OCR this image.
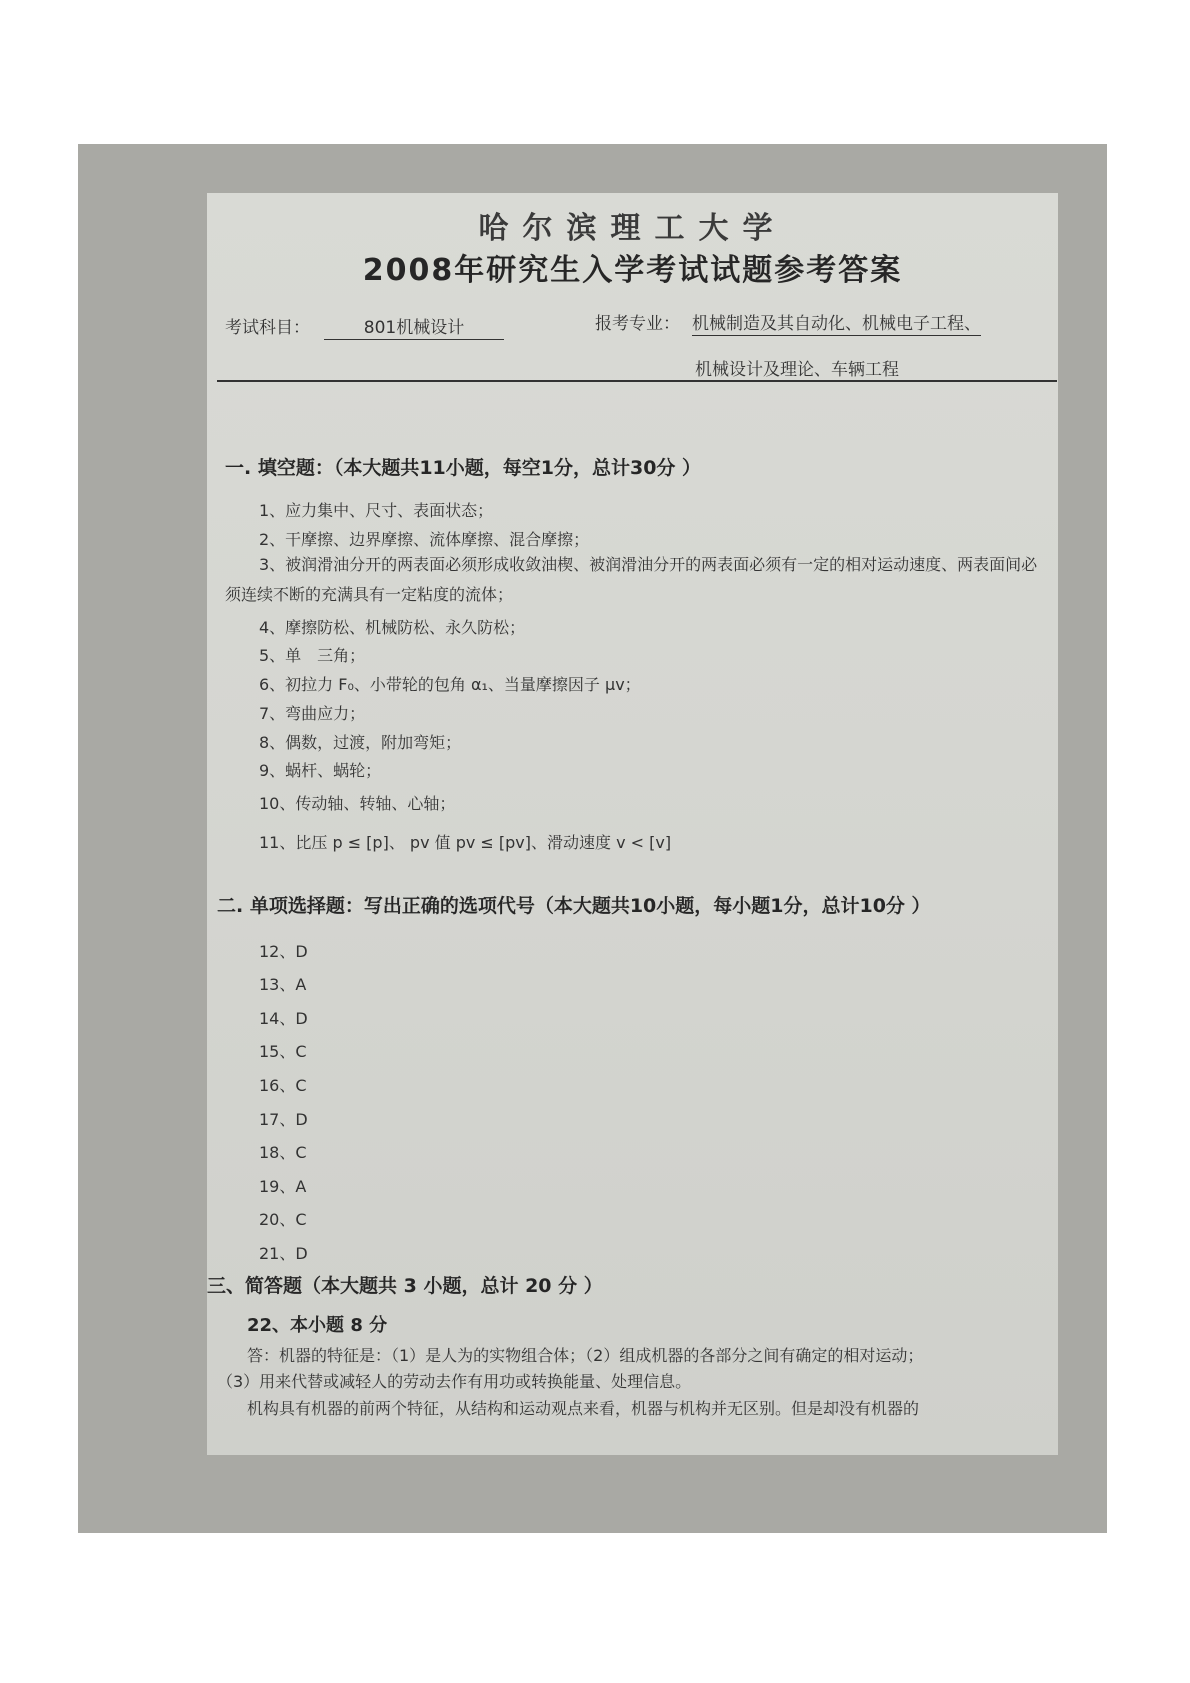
哈尔滨理工大学
2008年研究生入学考试试题参考答案
考试科目：	801机械设计	报考专业： 机械制造及其自动化、机械电子工程、
机械设计及理论、车辆工程
一. 填空题：（本大题共11小题，每空1分，总计30分 ）
1、应力集中、尺寸、表面状态；
2、干摩擦、边界摩擦、流体摩擦、混合摩擦；
3、被润滑油分开的两表面必须形成收敛油楔、被润滑油分开的两表面必须有一定的相对运动速度、两表面间必须连续不断的充满具有一定粘度的流体；
4、摩擦防松、机械防松、永久防松；
5、单　三角；
6、初拉力 F₀、小带轮的包角 α₁、当量摩擦因子 μv；
7、弯曲应力；
8、偶数，过渡，附加弯矩；
9、蜗杆、蜗轮；
10、传动轴、转轴、心轴；
11、比压 p ≤ [p]、 pv 值 pv ≤ [pv]、滑动速度 v < [v]
二. 单项选择题：写出正确的选项代号（本大题共10小题，每小题1分，总计10分 ）
12、D
13、A
14、D
15、C
16、C
17、D
18、C
19、A
20、C
21、D
三、简答题（本大题共 3 小题，总计 20 分 ）
22、本小题 8 分
答：机器的特征是：（1）是人为的实物组合体；（2）组成机器的各部分之间有确定的相对运动；
（3）用来代替或减轻人的劳动去作有用功或转换能量、处理信息。
机构具有机器的前两个特征，从结构和运动观点来看，机器与机构并无区别。但是却没有机器的
